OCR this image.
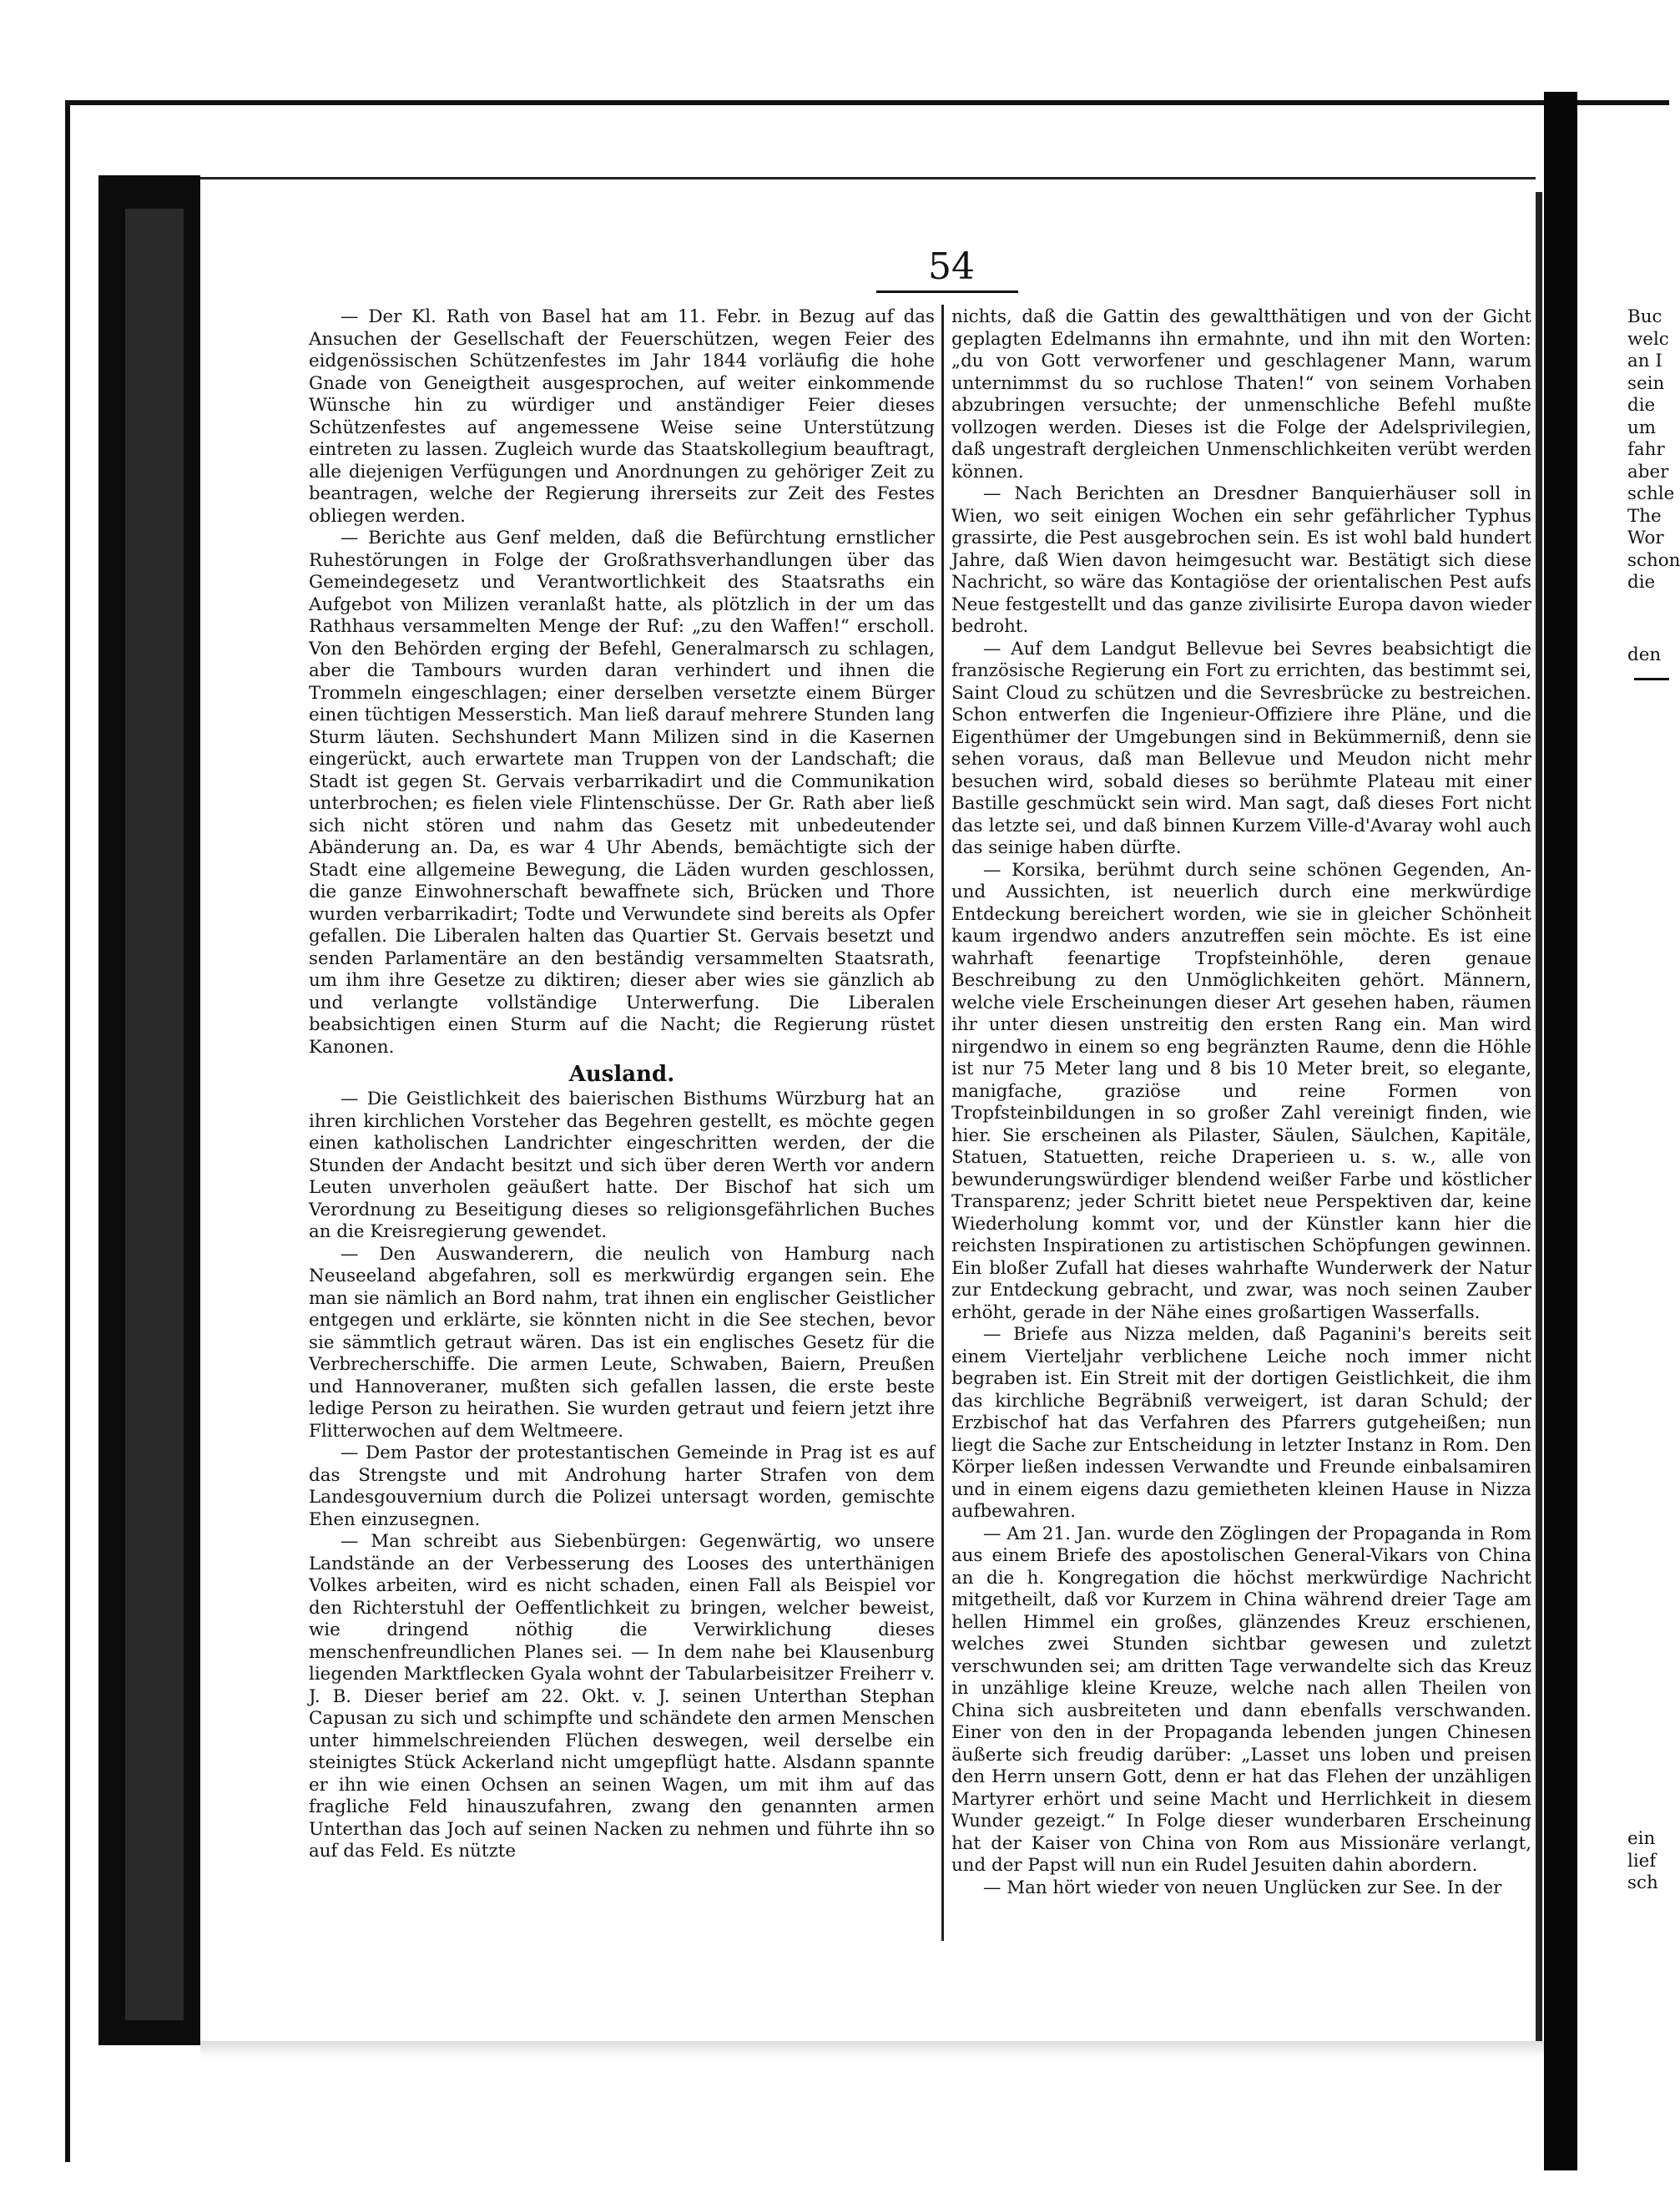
54

— Der Kl. Rath von Basel hat am 11. Febr. in Bezug auf das Ansuchen der Gesellschaft der Feuerschützen, wegen Feier des eidgenössischen Schützenfestes im Jahr 1844 vorläufig die hohe Gnade von Geneigtheit ausgesprochen, auf weiter einkommende Wünsche hin zu würdiger und anständiger Feier dieses Schützenfestes auf angemessene Weise seine Unterstützung eintreten zu lassen. Zugleich wurde das Staatskollegium beauftragt, alle diejenigen Verfügungen und Anordnungen zu gehöriger Zeit zu beantragen, welche der Regierung ihrerseits zur Zeit des Festes obliegen werden.

— Berichte aus Genf melden, daß die Befürchtung ernstlicher Ruhestörungen in Folge der Großrathsverhandlungen über das Gemeindegesetz und Verantwortlichkeit des Staatsraths ein Aufgebot von Milizen veranlaßt hatte, als plötzlich in der um das Rathhaus versammelten Menge der Ruf: „zu den Waffen!“ erscholl. Von den Behörden erging der Befehl, Generalmarsch zu schlagen, aber die Tambours wurden daran verhindert und ihnen die Trommeln eingeschlagen; einer derselben versetzte einem Bürger einen tüchtigen Messerstich. Man ließ darauf mehrere Stunden lang Sturm läuten. Sechshundert Mann Milizen sind in die Kasernen eingerückt, auch erwartete man Truppen von der Landschaft; die Stadt ist gegen St. Gervais verbarrikadirt und die Communikation unterbrochen; es fielen viele Flintenschüsse. Der Gr. Rath aber ließ sich nicht stören und nahm das Gesetz mit unbedeutender Abänderung an. Da, es war 4 Uhr Abends, bemächtigte sich der Stadt eine allgemeine Bewegung, die Läden wurden geschlossen, die ganze Einwohnerschaft bewaffnete sich, Brücken und Thore wurden verbarrikadirt; Todte und Verwundete sind bereits als Opfer gefallen. Die Liberalen halten das Quartier St. Gervais besetzt und senden Parlamentäre an den beständig versammelten Staatsrath, um ihm ihre Gesetze zu diktiren; dieser aber wies sie gänzlich ab und verlangte vollständige Unterwerfung. Die Liberalen beabsichtigen einen Sturm auf die Nacht; die Regierung rüstet Kanonen.

Ausland.

— Die Geistlichkeit des baierischen Bisthums Würzburg hat an ihren kirchlichen Vorsteher das Begehren gestellt, es möchte gegen einen katholischen Landrichter eingeschritten werden, der die Stunden der Andacht besitzt und sich über deren Werth vor andern Leuten unverholen geäußert hatte. Der Bischof hat sich um Verordnung zu Beseitigung dieses so religionsgefährlichen Buches an die Kreisregierung gewendet.

— Den Auswanderern, die neulich von Hamburg nach Neuseeland abgefahren, soll es merkwürdig ergangen sein. Ehe man sie nämlich an Bord nahm, trat ihnen ein englischer Geistlicher entgegen und erklärte, sie könnten nicht in die See stechen, bevor sie sämmtlich getraut wären. Das ist ein englisches Gesetz für die Verbrecherschiffe. Die armen Leute, Schwaben, Baiern, Preußen und Hannoveraner, mußten sich gefallen lassen, die erste beste ledige Person zu heirathen. Sie wurden getraut und feiern jetzt ihre Flitterwochen auf dem Weltmeere.

— Dem Pastor der protestantischen Gemeinde in Prag ist es auf das Strengste und mit Androhung harter Strafen von dem Landesgouvernium durch die Polizei untersagt worden, gemischte Ehen einzusegnen.

— Man schreibt aus Siebenbürgen: Gegenwärtig, wo unsere Landstände an der Verbesserung des Looses des unterthänigen Volkes arbeiten, wird es nicht schaden, einen Fall als Beispiel vor den Richterstuhl der Oeffentlichkeit zu bringen, welcher beweist, wie dringend nöthig die Verwirklichung dieses menschenfreundlichen Planes sei. — In dem nahe bei Klausenburg liegenden Marktflecken Gyala wohnt der Tabularbeisitzer Freiherr v. J. B. Dieser berief am 22. Okt. v. J. seinen Unterthan Stephan Capusan zu sich und schimpfte und schändete den armen Menschen unter himmelschreienden Flüchen deswegen, weil derselbe ein steinigtes Stück Ackerland nicht umgepflügt hatte. Alsdann spannte er ihn wie einen Ochsen an seinen Wagen, um mit ihm auf das fragliche Feld hinauszufahren, zwang den genannten armen Unterthan das Joch auf seinen Nacken zu nehmen und führte ihn so auf das Feld. Es nützte

nichts, daß die Gattin des gewaltthätigen und von der Gicht geplagten Edelmanns ihn ermahnte, und ihn mit den Worten: „du von Gott verworfener und geschlagener Mann, warum unternimmst du so ruchlose Thaten!“ von seinem Vorhaben abzubringen versuchte; der unmenschliche Befehl mußte vollzogen werden. Dieses ist die Folge der Adelsprivilegien, daß ungestraft dergleichen Unmenschlichkeiten verübt werden können.

— Nach Berichten an Dresdner Banquierhäuser soll in Wien, wo seit einigen Wochen ein sehr gefährlicher Typhus grassirte, die Pest ausgebrochen sein. Es ist wohl bald hundert Jahre, daß Wien davon heimgesucht war. Bestätigt sich diese Nachricht, so wäre das Kontagiöse der orientalischen Pest aufs Neue festgestellt und das ganze zivilisirte Europa davon wieder bedroht.

— Auf dem Landgut Bellevue bei Sevres beabsichtigt die französische Regierung ein Fort zu errichten, das bestimmt sei, Saint Cloud zu schützen und die Sevresbrücke zu bestreichen. Schon entwerfen die Ingenieur-Offiziere ihre Pläne, und die Eigenthümer der Umgebungen sind in Bekümmerniß, denn sie sehen voraus, daß man Bellevue und Meudon nicht mehr besuchen wird, sobald dieses so berühmte Plateau mit einer Bastille geschmückt sein wird. Man sagt, daß dieses Fort nicht das letzte sei, und daß binnen Kurzem Ville-d'Avaray wohl auch das seinige haben dürfte.

— Korsika, berühmt durch seine schönen Gegenden, An- und Aussichten, ist neuerlich durch eine merkwürdige Entdeckung bereichert worden, wie sie in gleicher Schönheit kaum irgendwo anders anzutreffen sein möchte. Es ist eine wahrhaft feenartige Tropfsteinhöhle, deren genaue Beschreibung zu den Unmöglichkeiten gehört. Männern, welche viele Erscheinungen dieser Art gesehen haben, räumen ihr unter diesen unstreitig den ersten Rang ein. Man wird nirgendwo in einem so eng begränzten Raume, denn die Höhle ist nur 75 Meter lang und 8 bis 10 Meter breit, so elegante, manigfache, graziöse und reine Formen von Tropfsteinbildungen in so großer Zahl vereinigt finden, wie hier. Sie erscheinen als Pilaster, Säulen, Säulchen, Kapitäle, Statuen, Statuetten, reiche Draperieen u. s. w., alle von bewunderungswürdiger blendend weißer Farbe und köstlicher Transparenz; jeder Schritt bietet neue Perspektiven dar, keine Wiederholung kommt vor, und der Künstler kann hier die reichsten Inspirationen zu artistischen Schöpfungen gewinnen. Ein bloßer Zufall hat dieses wahrhafte Wunderwerk der Natur zur Entdeckung gebracht, und zwar, was noch seinen Zauber erhöht, gerade in der Nähe eines großartigen Wasserfalls.

— Briefe aus Nizza melden, daß Paganini's bereits seit einem Vierteljahr verblichene Leiche noch immer nicht begraben ist. Ein Streit mit der dortigen Geistlichkeit, die ihm das kirchliche Begräbniß verweigert, ist daran Schuld; der Erzbischof hat das Verfahren des Pfarrers gutgeheißen; nun liegt die Sache zur Entscheidung in letzter Instanz in Rom. Den Körper ließen indessen Verwandte und Freunde einbalsamiren und in einem eigens dazu gemietheten kleinen Hause in Nizza aufbewahren.

— Am 21. Jan. wurde den Zöglingen der Propaganda in Rom aus einem Briefe des apostolischen General-Vikars von China an die h. Kongregation die höchst merkwürdige Nachricht mitgetheilt, daß vor Kurzem in China während dreier Tage am hellen Himmel ein großes, glänzendes Kreuz erschienen, welches zwei Stunden sichtbar gewesen und zuletzt verschwunden sei; am dritten Tage verwandelte sich das Kreuz in unzählige kleine Kreuze, welche nach allen Theilen von China sich ausbreiteten und dann ebenfalls verschwanden. Einer von den in der Propaganda lebenden jungen Chinesen äußerte sich freudig darüber: „Lasset uns loben und preisen den Herrn unsern Gott, denn er hat das Flehen der unzähligen Martyrer erhört und seine Macht und Herrlichkeit in diesem Wunder gezeigt.“ In Folge dieser wunderbaren Erscheinung hat der Kaiser von China von Rom aus Missionäre verlangt, und der Papst will nun ein Rudel Jesuiten dahin abordern.

— Man hört wieder von neuen Unglücken zur See. In der

Buc
welc
an I
sein
die
um
fahr
aber
schle
The
Wor
schon
die
den
ein
lief
sch
